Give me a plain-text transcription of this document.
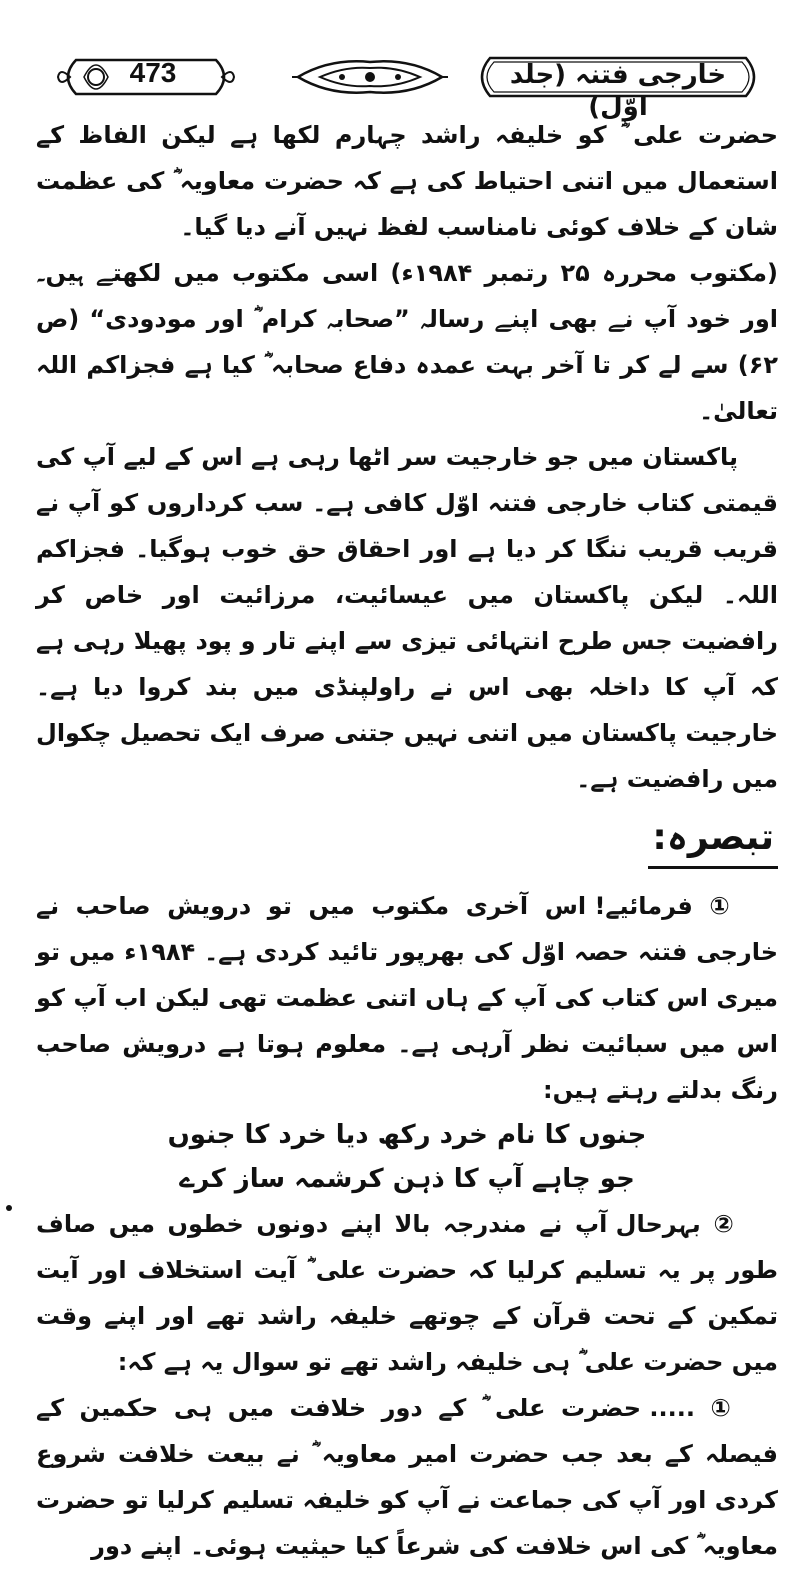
473	خارجی فتنہ (جلد اوّل)

حضرت علی ؓ کو خلیفہ راشد چہارم لکھا ہے لیکن الفاظ کے استعمال میں اتنی احتیاط کی ہے کہ حضرت معاویہ ؓ کی عظمت شان کے خلاف کوئی نامناسب لفظ نہیں آنے دیا گیا۔

(مکتوب محررہ ۲۵ رتمبر ۱۹۸۴ء) اسی مکتوب میں لکھتے ہیں۔ اور خود آپ نے بھی اپنے رسالہ ”صحابہ کرام ؓ اور مودودی“ (ص ۶۲) سے لے کر تا آخر بہت عمدہ دفاع صحابہ ؓ کیا ہے فجزاکم اللہ تعالیٰ۔

پاکستان میں جو خارجیت سر اٹھا رہی ہے اس کے لیے آپ کی قیمتی کتاب خارجی فتنہ اوّل کافی ہے۔ سب کرداروں کو آپ نے قریب قریب ننگا کر دیا ہے اور احقاق حق خوب ہوگیا۔ فجزاکم اللہ۔ لیکن پاکستان میں عیسائیت، مرزائیت اور خاص کر رافضیت جس طرح انتہائی تیزی سے اپنے تار و پود پھیلا رہی ہے کہ آپ کا داخلہ بھی اس نے راولپنڈی میں بند کروا دیا ہے۔ خارجیت پاکستان میں اتنی نہیں جتنی صرف ایک تحصیل چکوال میں رافضیت ہے۔

تبصرہ:

① فرمائیے! اس آخری مکتوب میں تو درویش صاحب نے خارجی فتنہ حصہ اوّل کی بھرپور تائید کردی ہے۔ ۱۹۸۴ء میں تو میری اس کتاب کی آپ کے ہاں اتنی عظمت تھی لیکن اب آپ کو اس میں سبائیت نظر آرہی ہے۔ معلوم ہوتا ہے درویش صاحب رنگ بدلتے رہتے ہیں:

جنوں کا نام خرد رکھ دیا خرد کا جنوں

جو چاہے آپ کا ذہن کرشمہ ساز کرے

② بہرحال آپ نے مندرجہ بالا اپنے دونوں خطوں میں صاف طور پر یہ تسلیم کرلیا کہ حضرت علی ؓ آیت استخلاف اور آیت تمکین کے تحت قرآن کے چوتھے خلیفہ راشد تھے اور اپنے وقت میں حضرت علی ؓ ہی خلیفہ راشد تھے تو سوال یہ ہے کہ:

① ..... حضرت علی ؓ کے دور خلافت میں ہی حکمین کے فیصلہ کے بعد جب حضرت امیر معاویہ ؓ نے بیعت خلافت شروع کردی اور آپ کی جماعت نے آپ کو خلیفہ تسلیم کرلیا تو حضرت معاویہ ؓ کی اس خلافت کی شرعاً کیا حیثیت ہوئی۔ اپنے دور
